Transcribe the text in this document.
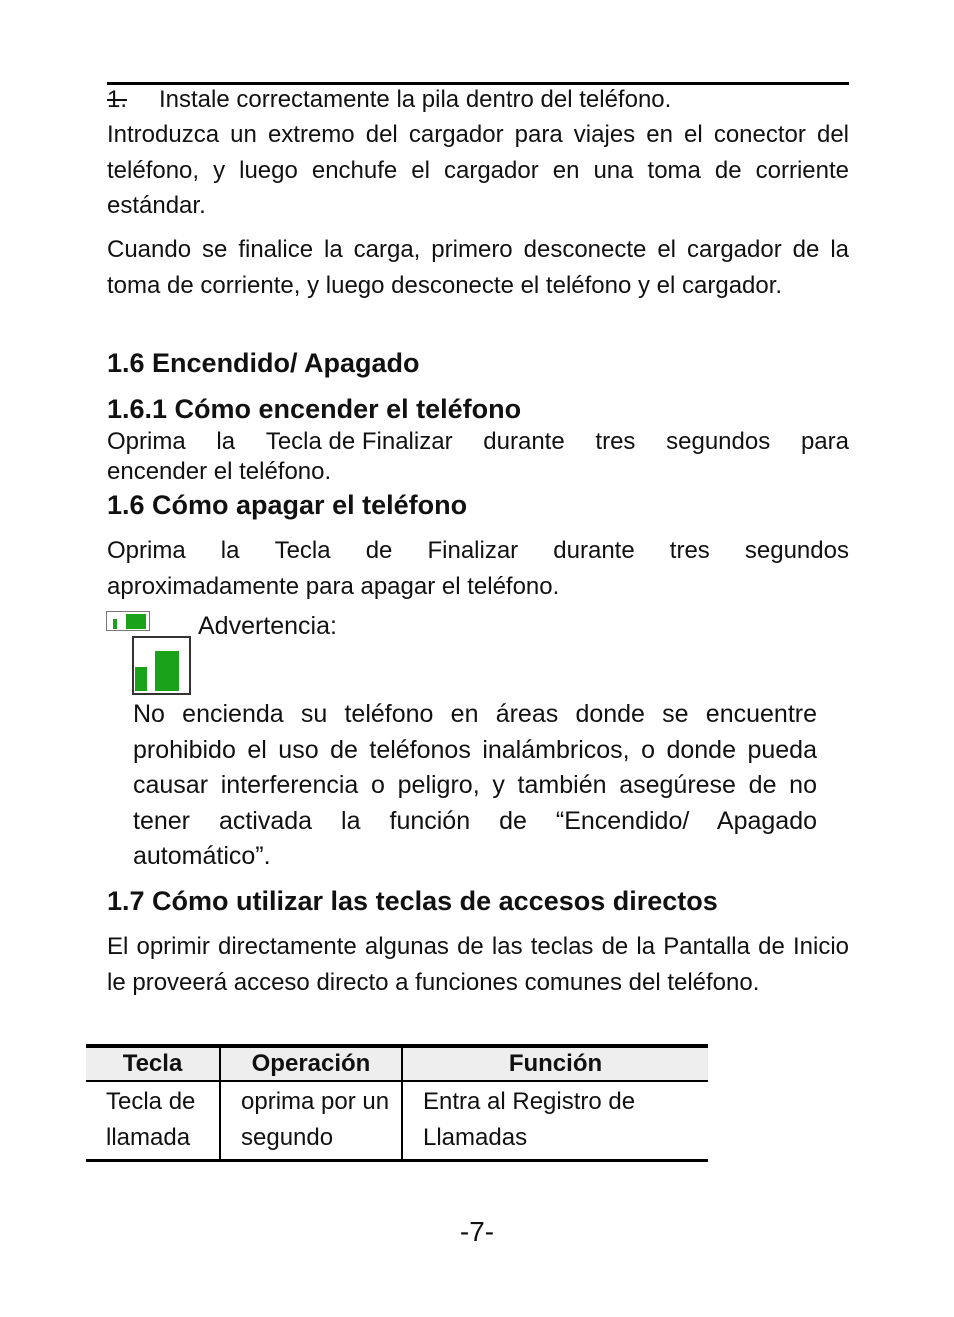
1. Instale correctamente la pila dentro del teléfono.
Introduzca un extremo del cargador para viajes en el conector del teléfono, y luego enchufe el cargador en una toma de corriente estándar.
Cuando se finalice la carga, primero desconecte el cargador de la toma de corriente, y luego desconecte el teléfono y el cargador.
1.6 Encendido/ Apagado
1.6.1 Cómo encender el teléfono
Oprima la Tecla de Finalizar durante tres segundos para
encender el teléfono.
1.6 Cómo apagar el teléfono
Oprima la Tecla de Finalizar durante tres segundos
aproximadamente para apagar el teléfono.
Advertencia:
No encienda su teléfono en áreas donde se encuentre prohibido el uso de teléfonos inalámbricos, o donde pueda causar interferencia o peligro, y también asegúrese de no tener activada la función de “Encendido/ Apagado automático”.
1.7 Cómo utilizar las teclas de accesos directos
El oprimir directamente algunas de las teclas de la Pantalla de Inicio le proveerá acceso directo a funciones comunes del teléfono.
Tecla	Operación	Función
Tecla de llamada	oprima por un segundo	Entra al Registro de Llamadas
-7-
